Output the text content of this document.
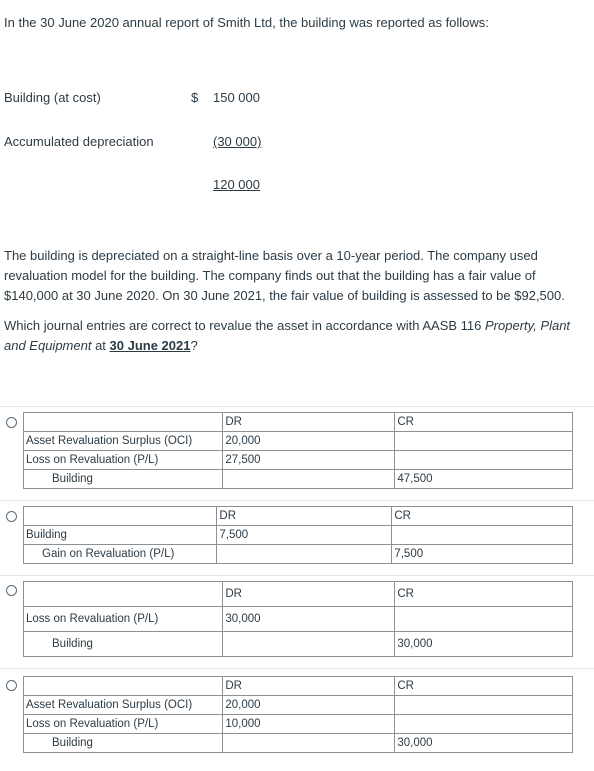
In the 30 June 2020 annual report of Smith Ltd, the building was reported as follows:
Building (at cost)	$ 150 000
Accumulated depreciation	(30 000)
120 000
The building is depreciated on a straight-line basis over a 10-year period. The company used revaluation model for the building. The company finds out that the building has a fair value of $140,000 at 30 June 2020. On 30 June 2021, the fair value of building is assessed to be $92,500.
Which journal entries are correct to revalue the asset in accordance with AASB 116 Property, Plant and Equipment at 30 June 2021?
	DR	CR
Asset Revaluation Surplus (OCI)	20,000	
Loss on Revaluation (P/L)	27,500	
Building		47,500
	DR	CR
Building	7,500	
Gain on Revaluation (P/L)		7,500
	DR	CR
Loss on Revaluation (P/L)	30,000	
Building		30,000
	DR	CR
Asset Revaluation Surplus (OCI)	20,000	
Loss on Revaluation (P/L)	10,000	
Building		30,000
